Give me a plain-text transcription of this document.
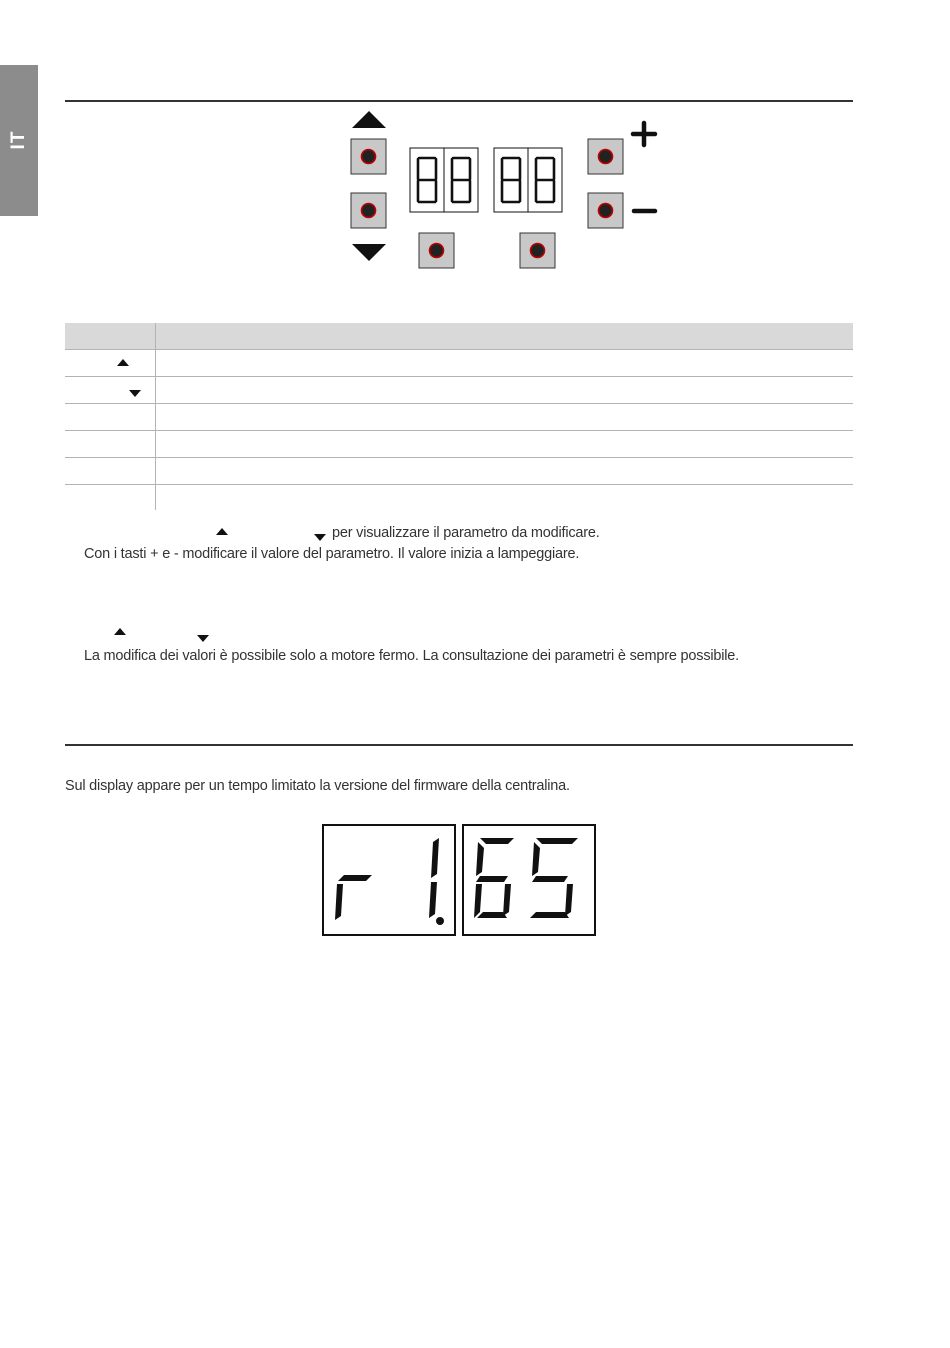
IT

per visualizzare il parametro da modificare.
Con i tasti + e - modificare il valore del parametro. Il valore inizia a lampeggiare.
La modifica dei valori è possibile solo a motore fermo. La consultazione dei parametri è sempre possibile.
Sul display appare per un tempo limitato la versione del firmware della centralina.
